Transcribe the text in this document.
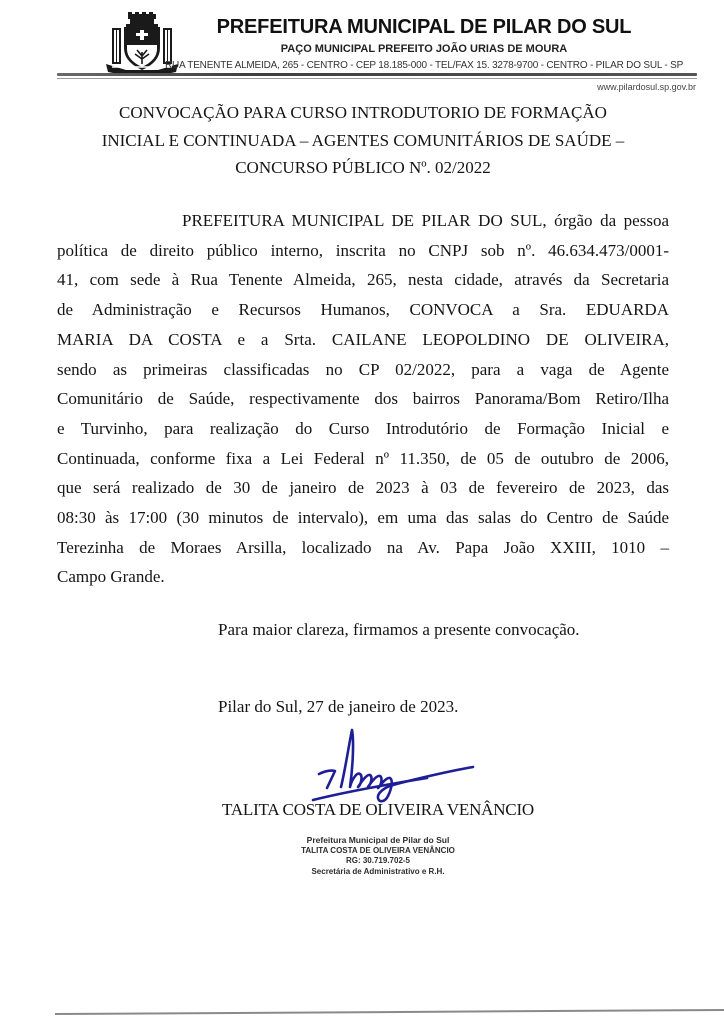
PREFEITURA MUNICIPAL DE PILAR DO SUL
PAÇO MUNICIPAL PREFEITO JOÃO URIAS DE MOURA
RUA TENENTE ALMEIDA, 265 - CENTRO - CEP 18.185-000 - TEL/FAX 15. 3278-9700 - CENTRO - PILAR DO SUL - SP
www.pilardosul.sp.gov.br
CONVOCAÇÃO PARA CURSO INTRODUTORIO DE FORMAÇÃO
INICIAL E CONTINUADA – AGENTES COMUNITÁRIOS DE SAÚDE –
CONCURSO PÚBLICO Nº. 02/2022
PREFEITURA MUNICIPAL DE PILAR DO SUL, órgão da pessoa
política de direito público interno, inscrita no CNPJ sob nº. 46.634.473/0001-
41, com sede à Rua Tenente Almeida, 265, nesta cidade, através da Secretaria
de Administração e Recursos Humanos, CONVOCA a Sra. EDUARDA
MARIA DA COSTA e a Srta. CAILANE LEOPOLDINO DE OLIVEIRA,
sendo as primeiras classificadas no CP 02/2022, para a vaga de Agente
Comunitário de Saúde, respectivamente dos bairros Panorama/Bom Retiro/Ilha
e Turvinho, para realização do Curso Introdutório de Formação Inicial e
Continuada, conforme fixa a Lei Federal nº 11.350, de 05 de outubro de 2006,
que será realizado de 30 de janeiro de 2023 à 03 de fevereiro de 2023, das
08:30 às 17:00 (30 minutos de intervalo), em uma das salas do Centro de Saúde
Terezinha de Moraes Arsilla, localizado na Av. Papa João XXIII, 1010 –
Campo Grande.
Para maior clareza, firmamos a presente convocação.
Pilar do Sul, 27 de janeiro de 2023.
TALITA COSTA DE OLIVEIRA VENÂNCIO
Prefeitura Municipal de Pilar do Sul
TALITA COSTA DE OLIVEIRA VENÂNCIO
RG: 30.719.702-5
Secretária de Administrativo e R.H.
